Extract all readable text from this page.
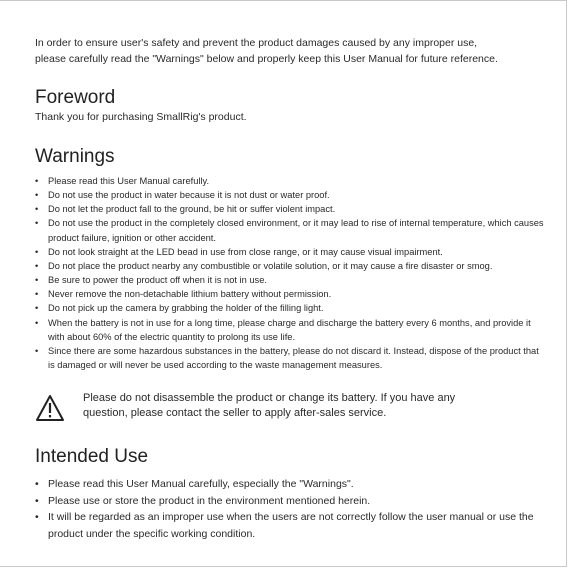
In order to ensure user's safety and prevent the product damages caused by any improper use,

please carefully read the "Warnings" below and properly keep this User Manual for future reference.

Foreword
Thank you for purchasing SmallRig's product.
Warnings
• Please read this User Manual carefully.
• Do not use the product in water because it is not dust or water proof.
• Do not let the product fall to the ground, be hit or suffer violent impact.
• Do not use the product in the completely closed environment, or it may lead to rise of internal temperature, which causes product failure, ignition or other accident.
• Do not look straight at the LED bead in use from close range, or it may cause visual impairment.
• Do not place the product nearby any combustible or volatile solution, or it may cause a fire disaster or smog.
• Be sure to power the product off when it is not in use.
• Never remove the non-detachable lithium battery without permission.
• Do not pick up the camera by grabbing the holder of the filling light.
• When the battery is not in use for a long time, please charge and discharge the battery every 6 months, and provide it with about 60% of the electric quantity to prolong its use life.
• Since there are some hazardous substances in the battery, please do not discard it. Instead, dispose of the product that is damaged or will never be used according to the waste management measures.
Please do not disassemble the product or change its battery. If you have any
question, please contact the seller to apply after-sales service.
Intended Use
• Please read this User Manual carefully, especially the "Warnings".
• Please use or store the product in the environment mentioned herein.
• It will be regarded as an improper use when the users are not correctly follow the user manual or use the product under the specific working condition.
